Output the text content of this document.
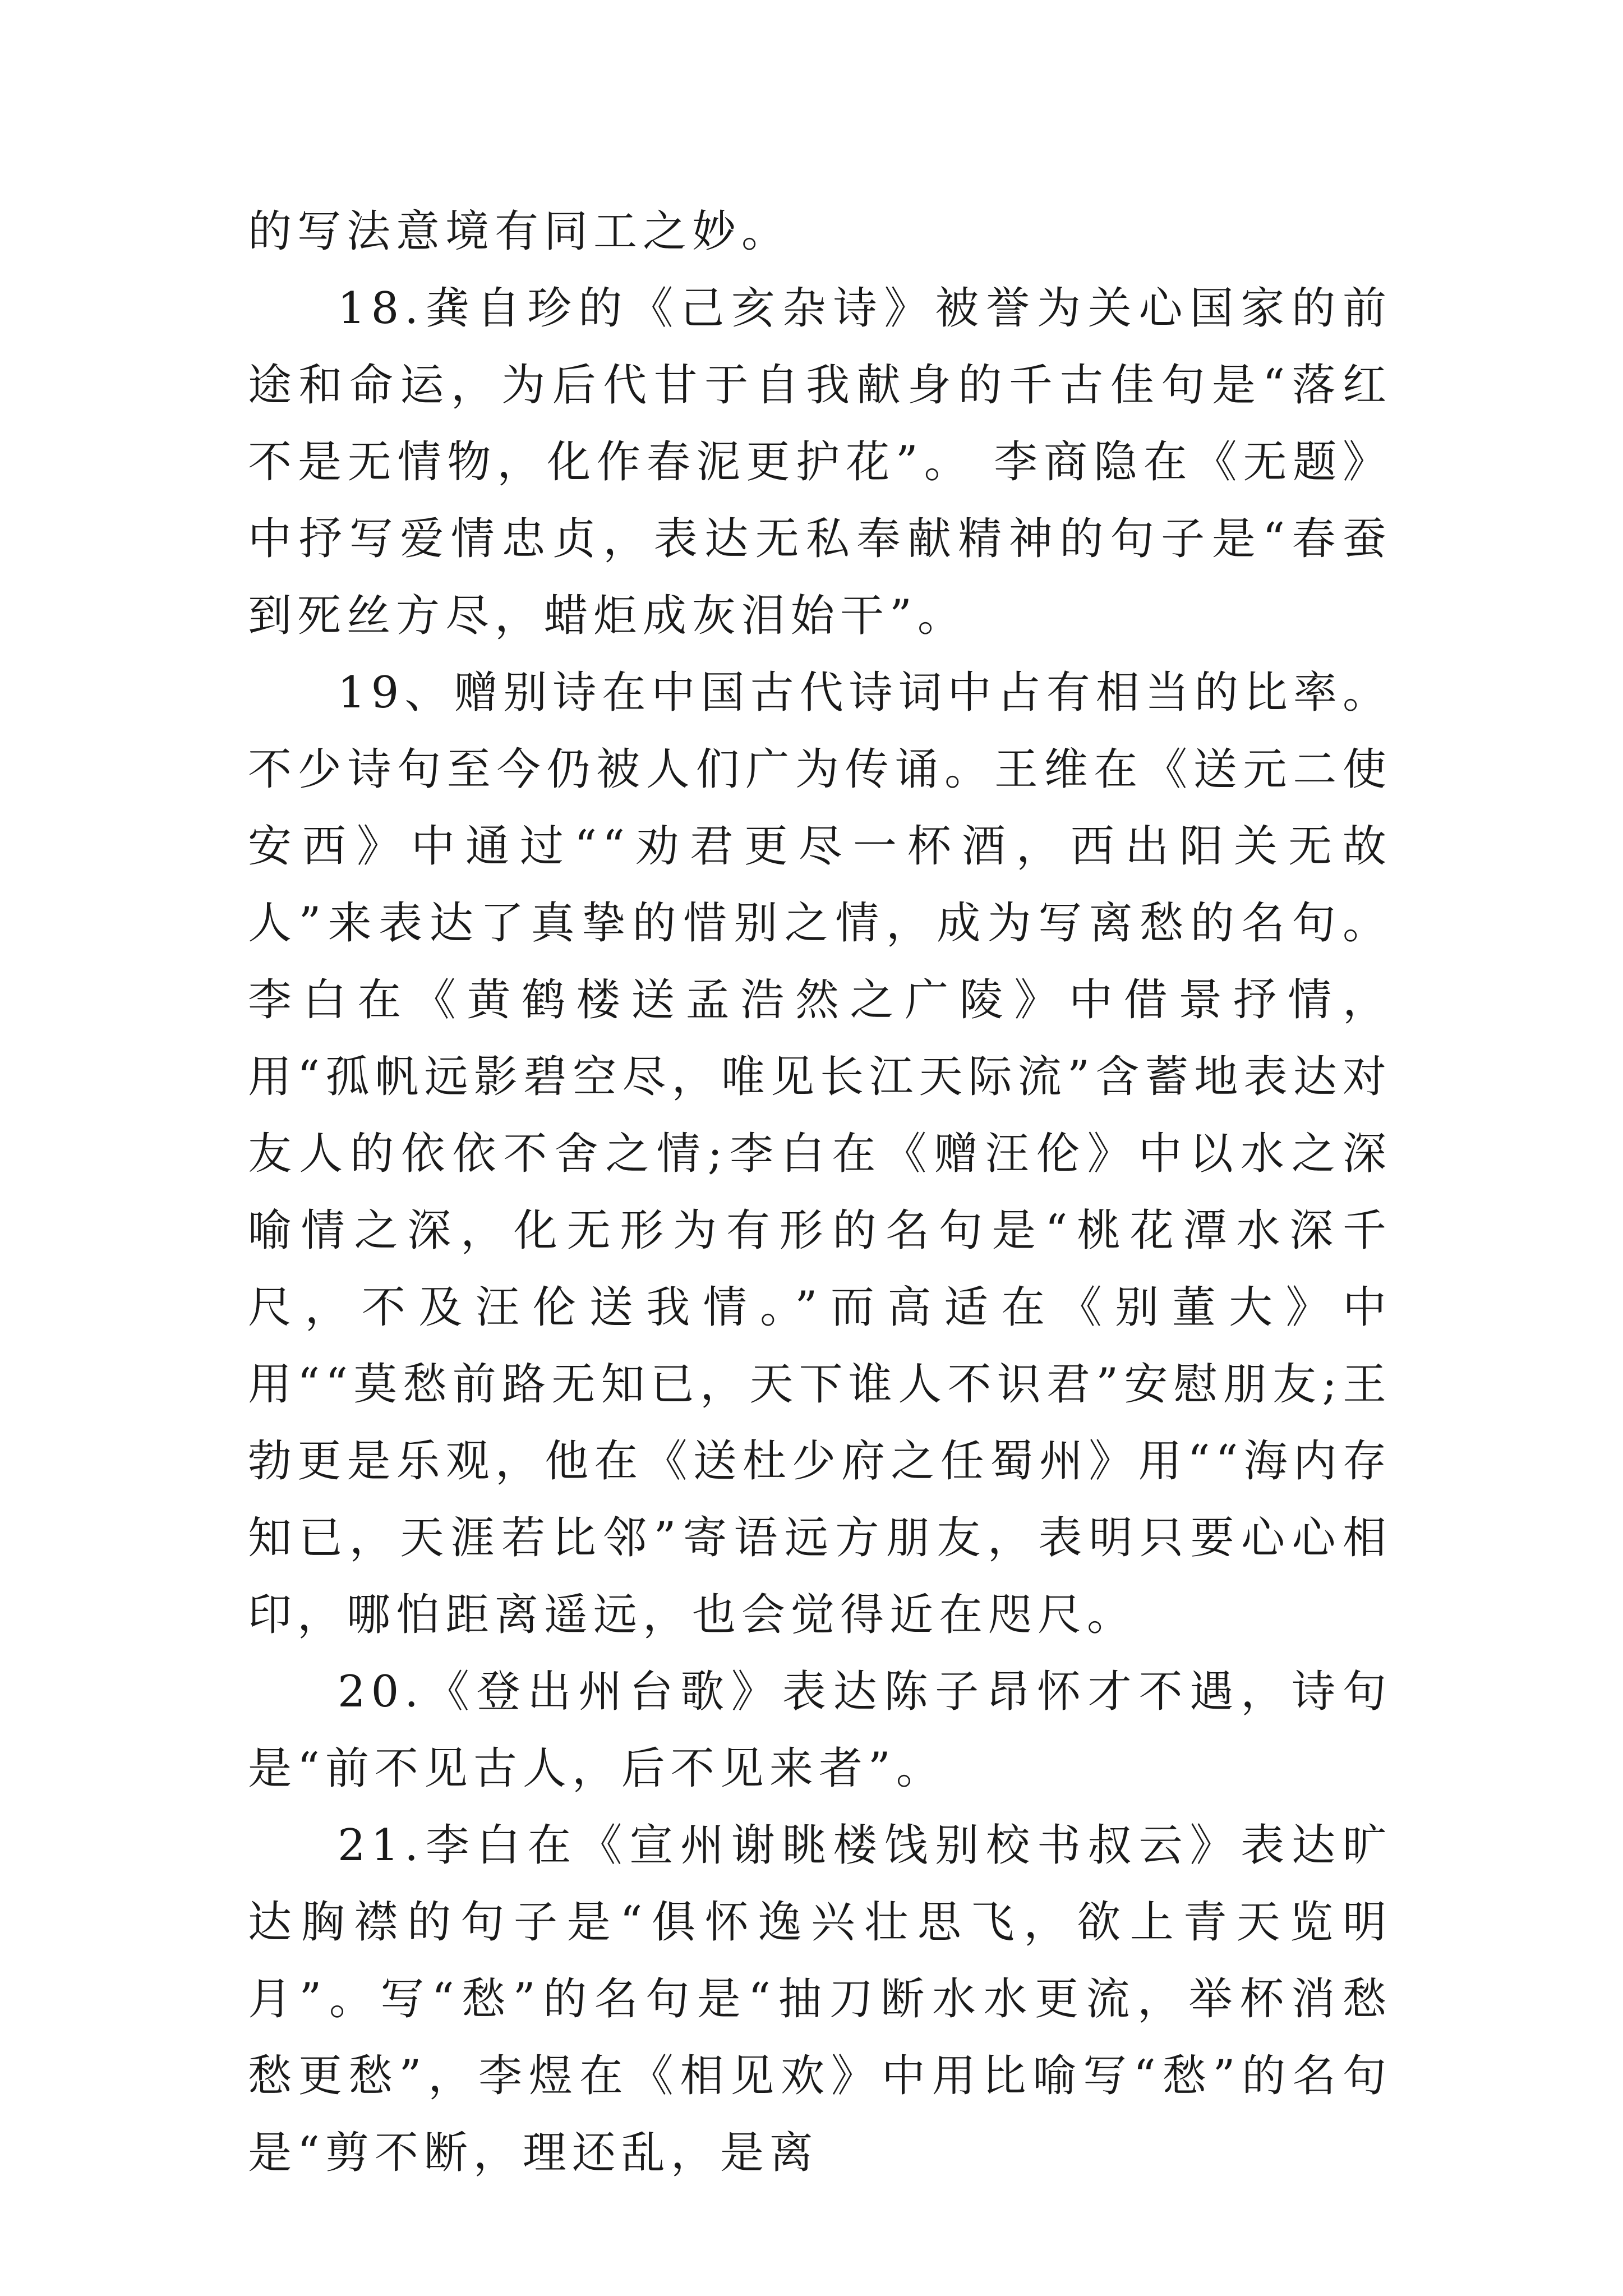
的写法意境有同工之妙。

18.龚自珍的《己亥杂诗》被誉为关心国家的前途和命运，为后代甘于自我献身的千古佳句是“落红不是无情物，化作春泥更护花”。 李商隐在《无题》中抒写爱情忠贞，表达无私奉献精神的句子是“春蚕到死丝方尽，蜡炬成灰泪始干”。

19、赠别诗在中国古代诗词中占有相当的比率。不少诗句至今仍被人们广为传诵。王维在《送元二使安西》中通过““劝君更尽一杯酒，西出阳关无故人”来表达了真挚的惜别之情，成为写离愁的名句。李白在《黄鹤楼送孟浩然之广陵》中借景抒情，用“孤帆远影碧空尽，唯见长江天际流”含蓄地表达对友人的依依不舍之情;李白在《赠汪伦》中以水之深喻情之深，化无形为有形的名句是“桃花潭水深千尺，不及汪伦送我情。”而高适在《别董大》中用““莫愁前路无知已，天下谁人不识君”安慰朋友;王勃更是乐观，他在《送杜少府之任蜀州》用““海内存知已，天涯若比邻”寄语远方朋友，表明只要心心相印，哪怕距离遥远，也会觉得近在咫尺。

20.《登出州台歌》表达陈子昂怀才不遇，诗句是“前不见古人，后不见来者”。

21.李白在《宣州谢眺楼饯别校书叔云》表达旷达胸襟的句子是“俱怀逸兴壮思飞，欲上青天览明月”。写“愁”的名句是“抽刀断水水更流，举杯消愁愁更愁”，李煜在《相见欢》中用比喻写“愁”的名句是“剪不断，理还乱，是离
